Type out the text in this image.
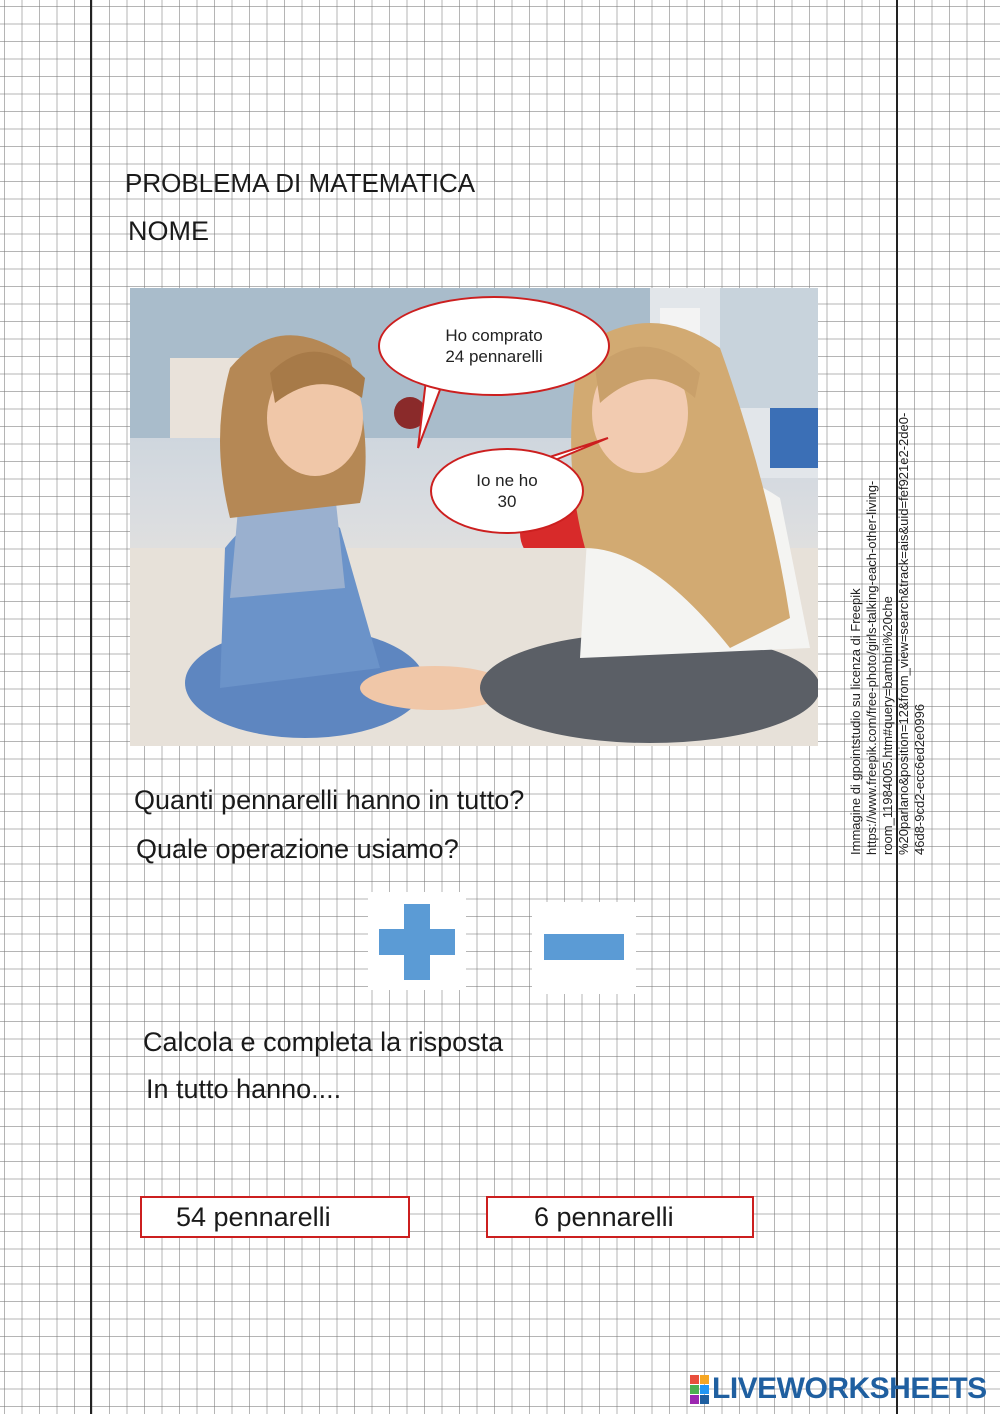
PROBLEMA DI MATEMATICA
NOME
Ho comprato
24 pennarelli
Io ne ho
30
Immagine di gpointstudio su licenza di Freepik
https://www.freepik.com/free-photo/girls-talking-each-other-living-
room_11984005.htm#query=bambini%20che
%20parlano&position=12&from_view=search&track=ais&uid=fef921e2-2de0-
46d8-9cd2-ecc6ed2e0996
Quanti pennarelli hanno in tutto?
Quale operazione usiamo?
Calcola e completa la risposta
In tutto hanno....
54 pennarelli	6 pennarelli
LIVEWORKSHEETS
